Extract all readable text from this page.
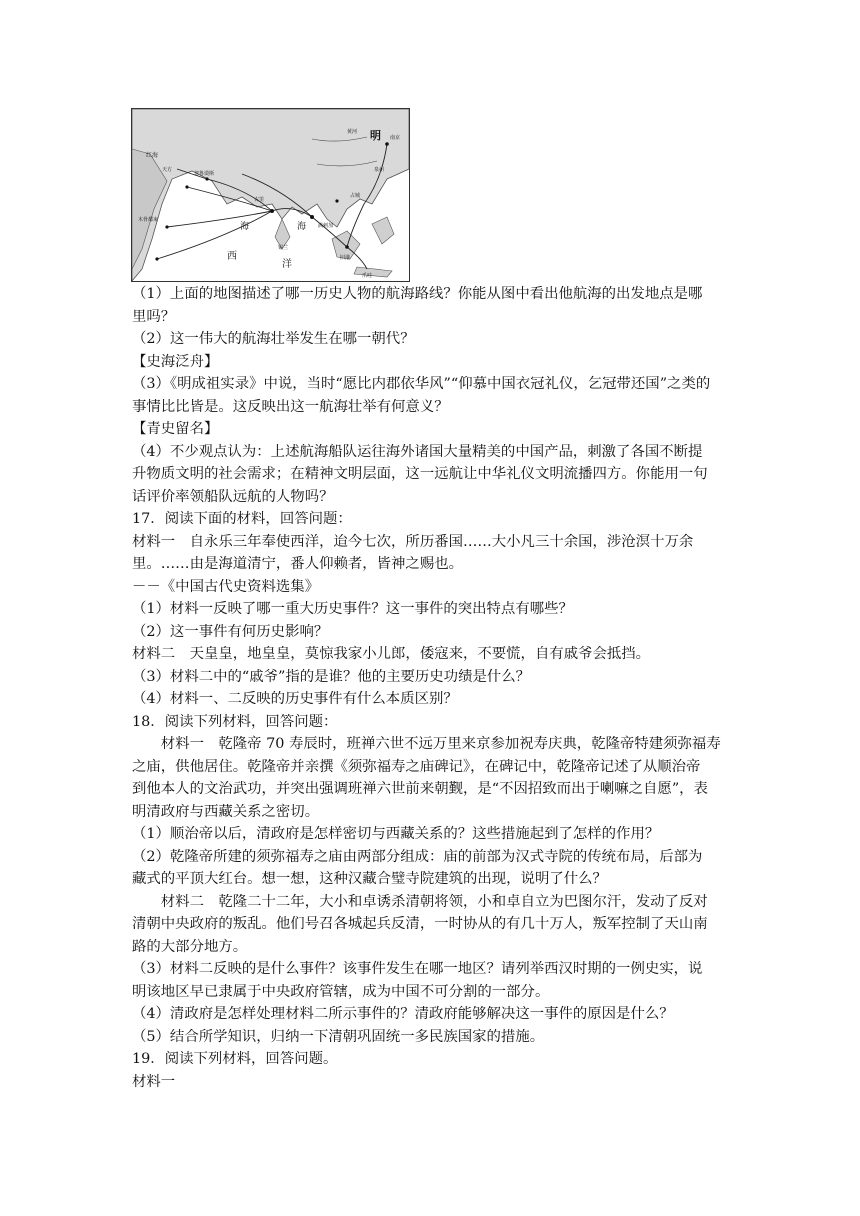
明
西
洋
海	海
红海
天方
忽鲁谟斯
古里
锡兰
满剌加
占城
旧港
木骨都束
南京
泉州
爪哇
黄河

（1）上面的地图描述了哪一历史人物的航海路线？你能从图中看出他航海的出发地点是哪

里吗？

（2）这一伟大的航海壮举发生在哪一朝代？

【史海泛舟】

（3）《明成祖实录》中说，当时“愿比内郡依华风”“仰慕中国衣冠礼仪，乞冠带还国”之类的

事情比比皆是。这反映出这一航海壮举有何意义？

【青史留名】

（4）不少观点认为：上述航海船队运往海外诸国大量精美的中国产品，刺激了各国不断提

升物质文明的社会需求；在精神文明层面，这一远航让中华礼仪文明流播四方。你能用一句

话评价率领船队远航的人物吗？

17．阅读下面的材料，回答问题：

材料一　自永乐三年奉使西洋，迨今七次，所历番国……大小凡三十余国，涉沧溟十万余

里。……由是海道清宁，番人仰赖者，皆神之赐也。

－－《中国古代史资料选集》

（1）材料一反映了哪一重大历史事件？这一事件的突出特点有哪些？

（2）这一事件有何历史影响？

材料二　天皇皇，地皇皇，莫惊我家小儿郎，倭寇来，不要慌，自有戚爷会抵挡。

（3）材料二中的“戚爷”指的是谁？他的主要历史功绩是什么？

（4）材料一、二反映的历史事件有什么本质区别？

18．阅读下列材料，回答问题：

材料一　乾隆帝 70 寿辰时，班禅六世不远万里来京参加祝寿庆典，乾隆帝特建须弥福寿

之庙，供他居住。乾隆帝并亲撰《须弥福寿之庙碑记》，在碑记中，乾隆帝记述了从顺治帝

到他本人的文治武功，并突出强调班禅六世前来朝觐，是“不因招致而出于喇嘛之自愿”，表

明清政府与西藏关系之密切。

（1）顺治帝以后，清政府是怎样密切与西藏关系的？这些措施起到了怎样的作用？

（2）乾隆帝所建的须弥福寿之庙由两部分组成：庙的前部为汉式寺院的传统布局，后部为

藏式的平顶大红台。想一想，这种汉藏合璧寺院建筑的出现，说明了什么？

材料二　乾隆二十二年，大小和卓诱杀清朝将领，小和卓自立为巴图尔汗，发动了反对

清朝中央政府的叛乱。他们号召各城起兵反清，一时协从的有几十万人，叛军控制了天山南

路的大部分地方。

（3）材料二反映的是什么事件？该事件发生在哪一地区？请列举西汉时期的一例史实，说

明该地区早已隶属于中央政府管辖，成为中国不可分割的一部分。

（4）清政府是怎样处理材料二所示事件的？清政府能够解决这一事件的原因是什么？

（5）结合所学知识，归纳一下清朝巩固统一多民族国家的措施。

19．阅读下列材料，回答问题。

材料一
